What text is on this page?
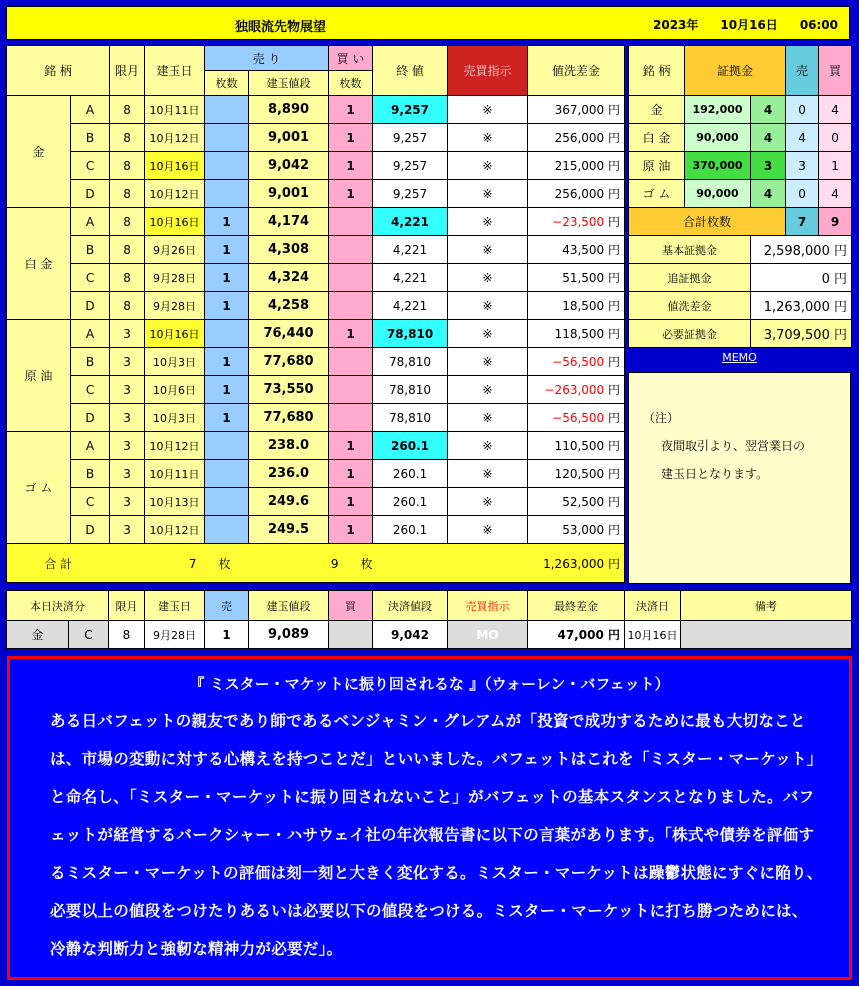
独眼流先物展望	2023年 10月16日 06:00
銘 柄		限月	建玉日	売 り		買 い	終 値	売買指示	値洗差金
				枚数	建玉値段	枚数			
金	A	8	10月11日		8,890	1	9,257	※	367,000 円
	B	8	10月12日		9,001	1	9,257	※	256,000 円
	C	8	10月16日		9,042	1	9,257	※	215,000 円
	D	8	10月12日		9,001	1	9,257	※	256,000 円
白 金	A	8	10月16日	1	4,174		4,221	※	−23,500 円
	B	8	9月26日	1	4,308		4,221	※	43,500 円
	C	8	9月28日	1	4,324		4,221	※	51,500 円
	D	8	9月28日	1	4,258		4,221	※	18,500 円
原 油	A	3	10月16日		76,440	1	78,810	※	118,500 円
	B	3	10月3日	1	77,680		78,810	※	−56,500 円
	C	3	10月6日	1	73,550		78,810	※	−263,000 円
	D	3	10月3日	1	77,680		78,810	※	−56,500 円
ゴ ム	A	3	10月12日		238.0	1	260.1	※	110,500 円
	B	3	10月11日		236.0	1	260.1	※	120,500 円
	C	3	10月13日		249.6	1	260.1	※	52,500 円
	D	3	10月12日		249.5	1	260.1	※	53,000 円
合 計		7 枚			9 枚		1,263,000 円		
銘 柄	証拠金		売	買
金	192,000	4	0	4
白 金	90,000	4	4	0
原 油	370,000	3	3	1
ゴ ム	90,000	4	0	4
合計枚数			7	9
基本証拠金		2,598,000 円		
追証拠金		0 円		
値洗差金		1,263,000 円		
必要証拠金		3,709,500 円		
MEMO
（注）
夜間取引より、翌営業日の
建玉日となります。
本日決済分		限月	建玉日	売	建玉値段	買	決済値段	売買指示	最終差金	決済日	備考
金	C	8	9月28日	1	9,089		9,042	MO	47,000 円	10月16日	
『 ミスター・マケットに振り回されるな 』（ウォーレン・バフェット）
ある日バフェットの親友であり師であるベンジャミン・グレアムが「投資で成功するために最も大切なことは、市場の変動に対する心構えを持つことだ」といいました。バフェットはこれを「ミスター・マーケット」と命名し、「ミスター・マーケットに振り回されないこと」がバフェットの基本スタンスとなりました。バフェットが経営するバークシャー・ハサウェイ社の年次報告書に以下の言葉があります。「株式や債券を評価するミスター・マーケットの評価は刻一刻と大きく変化する。ミスター・マーケットは躁鬱状態にすぐに陥り、必要以上の値段をつけたりあるいは必要以下の値段をつける。ミスター・マーケットに打ち勝つためには、冷静な判断力と強靭な精神力が必要だ」。
